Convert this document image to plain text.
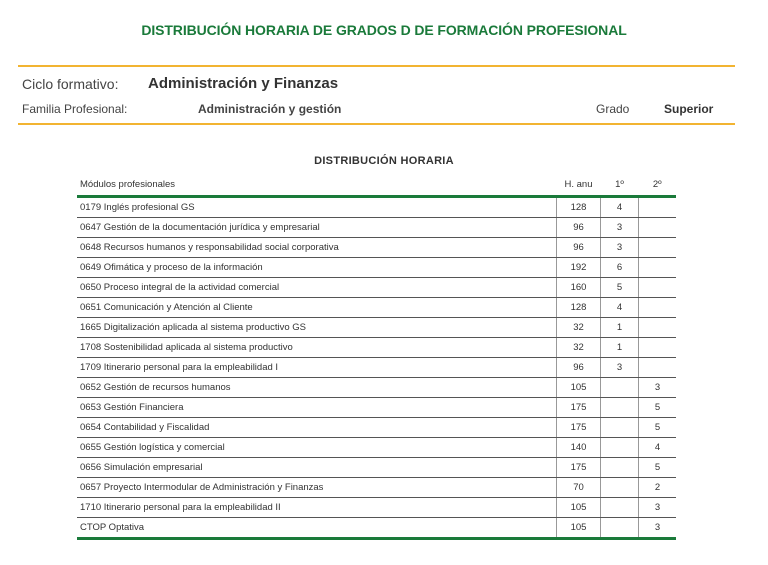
DISTRIBUCIÓN HORARIA DE GRADOS D DE FORMACIÓN PROFESIONAL
Ciclo formativo: Administración y Finanzas
Familia Profesional:	Administración y gestión	Grado	Superior
DISTRIBUCIÓN HORARIA
Módulos profesionales	H. anu	1º	2º
0179 Inglés profesional GS	128	4	
0647 Gestión de la documentación jurídica y empresarial	96	3	
0648 Recursos humanos y responsabilidad social corporativa	96	3	
0649 Ofimática y proceso de la información	192	6	
0650 Proceso integral de la actividad comercial	160	5	
0651 Comunicación y Atención al Cliente	128	4	
1665 Digitalización aplicada al sistema productivo GS	32	1	
1708 Sostenibilidad aplicada al sistema productivo	32	1	
1709 Itinerario personal para la empleabilidad I	96	3	
0652 Gestión de recursos humanos	105		3
0653 Gestión Financiera	175		5
0654 Contabilidad y Fiscalidad	175		5
0655 Gestión logística y comercial	140		4
0656 Simulación empresarial	175		5
0657 Proyecto Intermodular de Administración y Finanzas	70		2
1710 Itinerario personal para la empleabilidad II	105		3
CTOP Optativa	105		3
